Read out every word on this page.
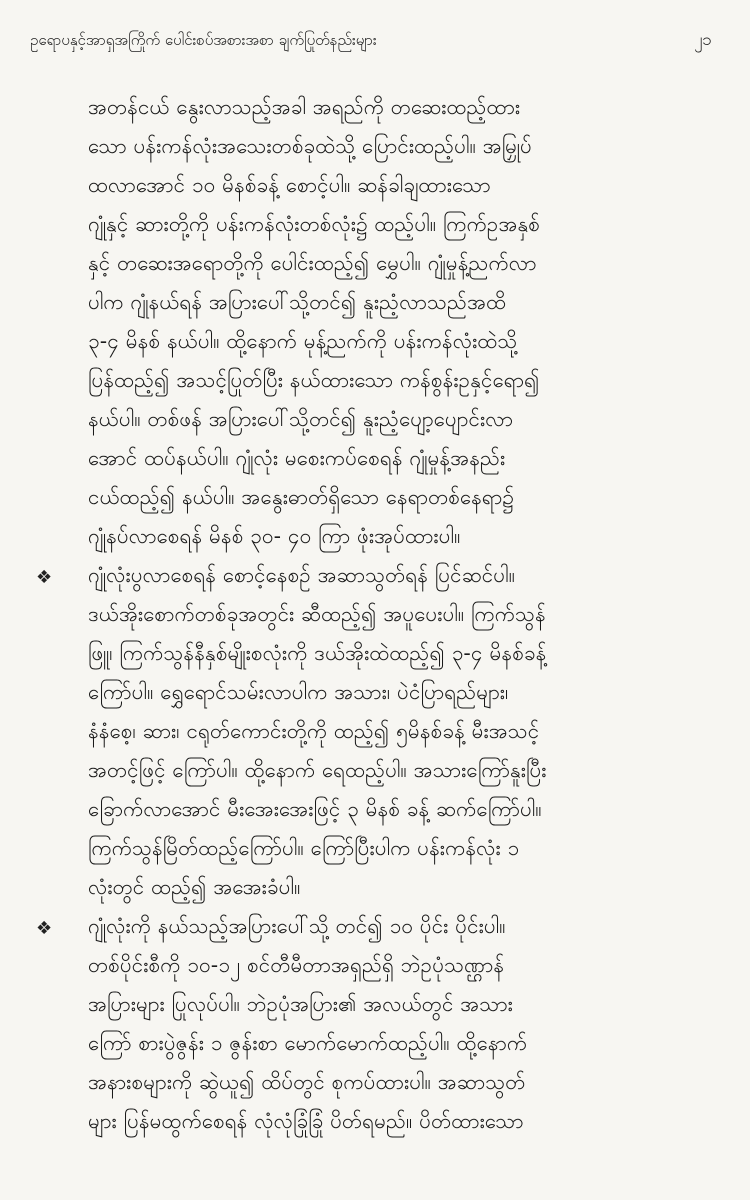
ဥရောပနှင့်အာရှအကြိုက် ပေါင်းစပ်အစားအစာ ချက်ပြုတ်နည်းများ	၂၁
အတန်ငယ် နွေးလာသည့်အခါ အရည်ကို တဆေးထည့်ထား
သော ပန်းကန်လုံးအသေးတစ်ခုထဲသို့ ပြောင်းထည့်ပါ။ အမြှုပ်
ထလာအောင် ၁၀ မိနစ်ခန့် စောင့်ပါ။ ဆန်ခါချထားသော
ဂျုံနှင့် ဆားတို့ကို ပန်းကန်လုံးတစ်လုံး၌ ထည့်ပါ။ ကြက်ဥအနှစ်
နှင့် တဆေးအရောတို့ကို ပေါင်းထည့်၍ မွှေပါ။ ဂျုံမှုန့်ညက်လာ
ပါက ဂျုံနယ်ရန် အပြားပေါ်သို့တင်၍ နူးညံ့လာသည်အထိ
၃-၄ မိနစ် နယ်ပါ။ ထို့နောက် မုန့်ညက်ကို ပန်းကန်လုံးထဲသို့
ပြန်ထည့်၍ အသင့်ပြုတ်ပြီး နယ်ထားသော ကန်စွန်းဥနှင့်ရော၍
နယ်ပါ။ တစ်ဖန် အပြားပေါ်သို့တင်၍ နူးညံ့ပျော့ပျောင်းလာ
အောင် ထပ်နယ်ပါ။ ဂျုံလုံး မစေးကပ်စေရန် ဂျုံမှုန့်အနည်း
ငယ်ထည့်၍ နယ်ပါ။ အနွေးဓာတ်ရှိသော နေရာတစ်နေရာ၌
ဂျုံနပ်လာစေရန် မိနစ် ၃၀- ၄၀ ကြာ ဖုံးအုပ်ထားပါ။
❖	ဂျုံလုံးပွလာစေရန် စောင့်နေစဉ် အဆာသွတ်ရန် ပြင်ဆင်ပါ။
ဒယ်အိုးစောက်တစ်ခုအတွင်း ဆီထည့်၍ အပူပေးပါ။ ကြက်သွန်
ဖြူ၊ ကြက်သွန်နီနှစ်မျိုးစလုံးကို ဒယ်အိုးထဲထည့်၍ ၃-၄ မိနစ်ခန့်
ကြော်ပါ။ ရွှေရောင်သမ်းလာပါက အသား၊ ပဲငံပြာရည်များ၊
နံနံစေ့၊ ဆား၊ ငရုတ်ကောင်းတို့ကို ထည့်၍ ၅မိနစ်ခန့် မီးအသင့်
အတင့်ဖြင့် ကြော်ပါ။ ထို့နောက် ရေထည့်ပါ။ အသားကြော်နူးပြီး
ခြောက်လာအောင် မီးအေးအေးဖြင့် ၃ မိနစ် ခန့် ဆက်ကြော်ပါ။
ကြက်သွန်မြိတ်ထည့်ကြော်ပါ။ ကြော်ပြီးပါက ပန်းကန်လုံး ၁
လုံးတွင် ထည့်၍ အအေးခံပါ။
❖	ဂျုံလုံးကို နယ်သည့်အပြားပေါ်သို့ တင်၍ ၁၀ ပိုင်း ပိုင်းပါ။
တစ်ပိုင်းစီကို ၁၀-၁၂ စင်တီမီတာအရှည်ရှိ ဘဲဥပုံသဏ္ဌာန်
အပြားများ ပြုလုပ်ပါ။ ဘဲဥပုံအပြား၏ အလယ်တွင် အသား
ကြော် စားပွဲဇွန်း ၁ ဇွန်းစာ မောက်မောက်ထည့်ပါ။ ထို့နောက်
အနားစများကို ဆွဲယူ၍ ထိပ်တွင် စုကပ်ထားပါ။ အဆာသွတ်
များ ပြန်မထွက်စေရန် လုံလုံခြုံခြုံ ပိတ်ရမည်။ ပိတ်ထားသော
